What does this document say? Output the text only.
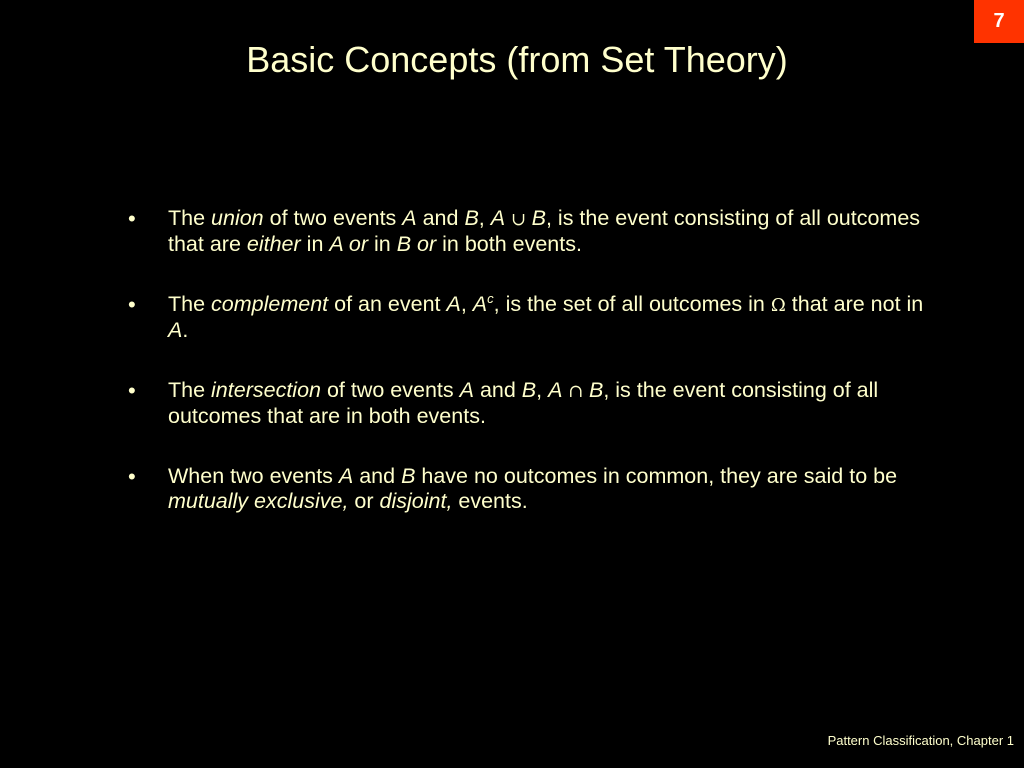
7
Basic Concepts (from Set Theory)
• The union of two events A and B, A ∪ B, is the event consisting of all outcomes that are either in A or in B or in both events.
• The complement of an event A, $A^c$, is the set of all outcomes in Ω that are not in A.
• The intersection of two events A and B, A ∩ B, is the event consisting of all outcomes that are in both events.
• When two events A and B have no outcomes in common, they are said to be mutually exclusive, or disjoint, events.
Pattern Classification, Chapter 1
